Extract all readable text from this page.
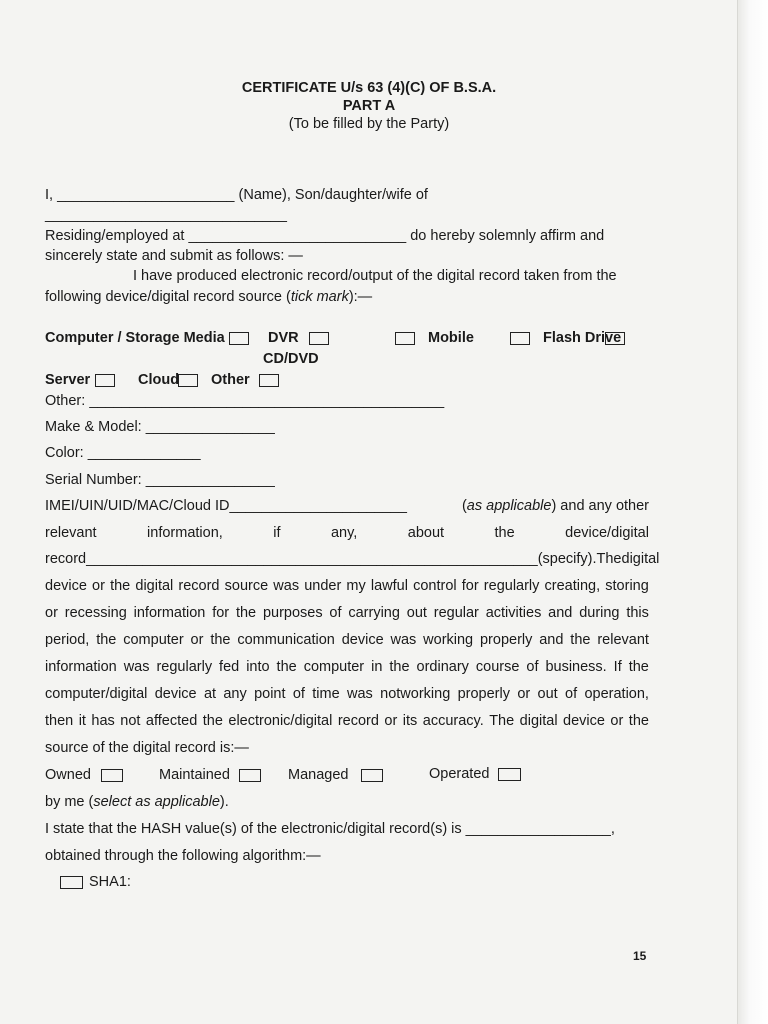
CERTIFICATE U/s 63 (4)(C) OF B.S.A.
PART A
(To be filled by the Party)
I, ______________________ (Name), Son/daughter/wife of
______________________________
Residing/employed at ___________________________ do hereby solemnly affirm and
sincerely state and submit as follows: —
I have produced electronic record/output of the digital record taken from the
following device/digital record source (tick mark):—
Computer / Storage Media	DVR
CD/DVD
Mobile	Flash Drive
Server	Cloud Other
Other: ____________________________________________
Make & Model: ________________
Color: ______________
Serial Number: ________________
IMEI/UIN/UID/MAC/Cloud ID______________________	(as applicable) and any other
relevant	information,	if	any,	about	the	device/digital
record________________________________________________________(specify).The digital
device or the digital record source was under my lawful control for regularly creating, storing
or recessing information for the purposes of carrying out regular activities and during this
period, the computer or the communication device was working properly and the relevant
information was regularly fed into the computer in the ordinary course of business. If the
computer/digital device at any point of time was notworking properly or out of operation,
then it has not affected the electronic/digital record or its accuracy. The digital device or the
source of the digital record is:—
Owned	Maintained	Managed	Operated
by me (select as applicable).
I state that the HASH value(s) of the electronic/digital record(s) is __________________,
obtained through the following algorithm:—
SHA1:
15
